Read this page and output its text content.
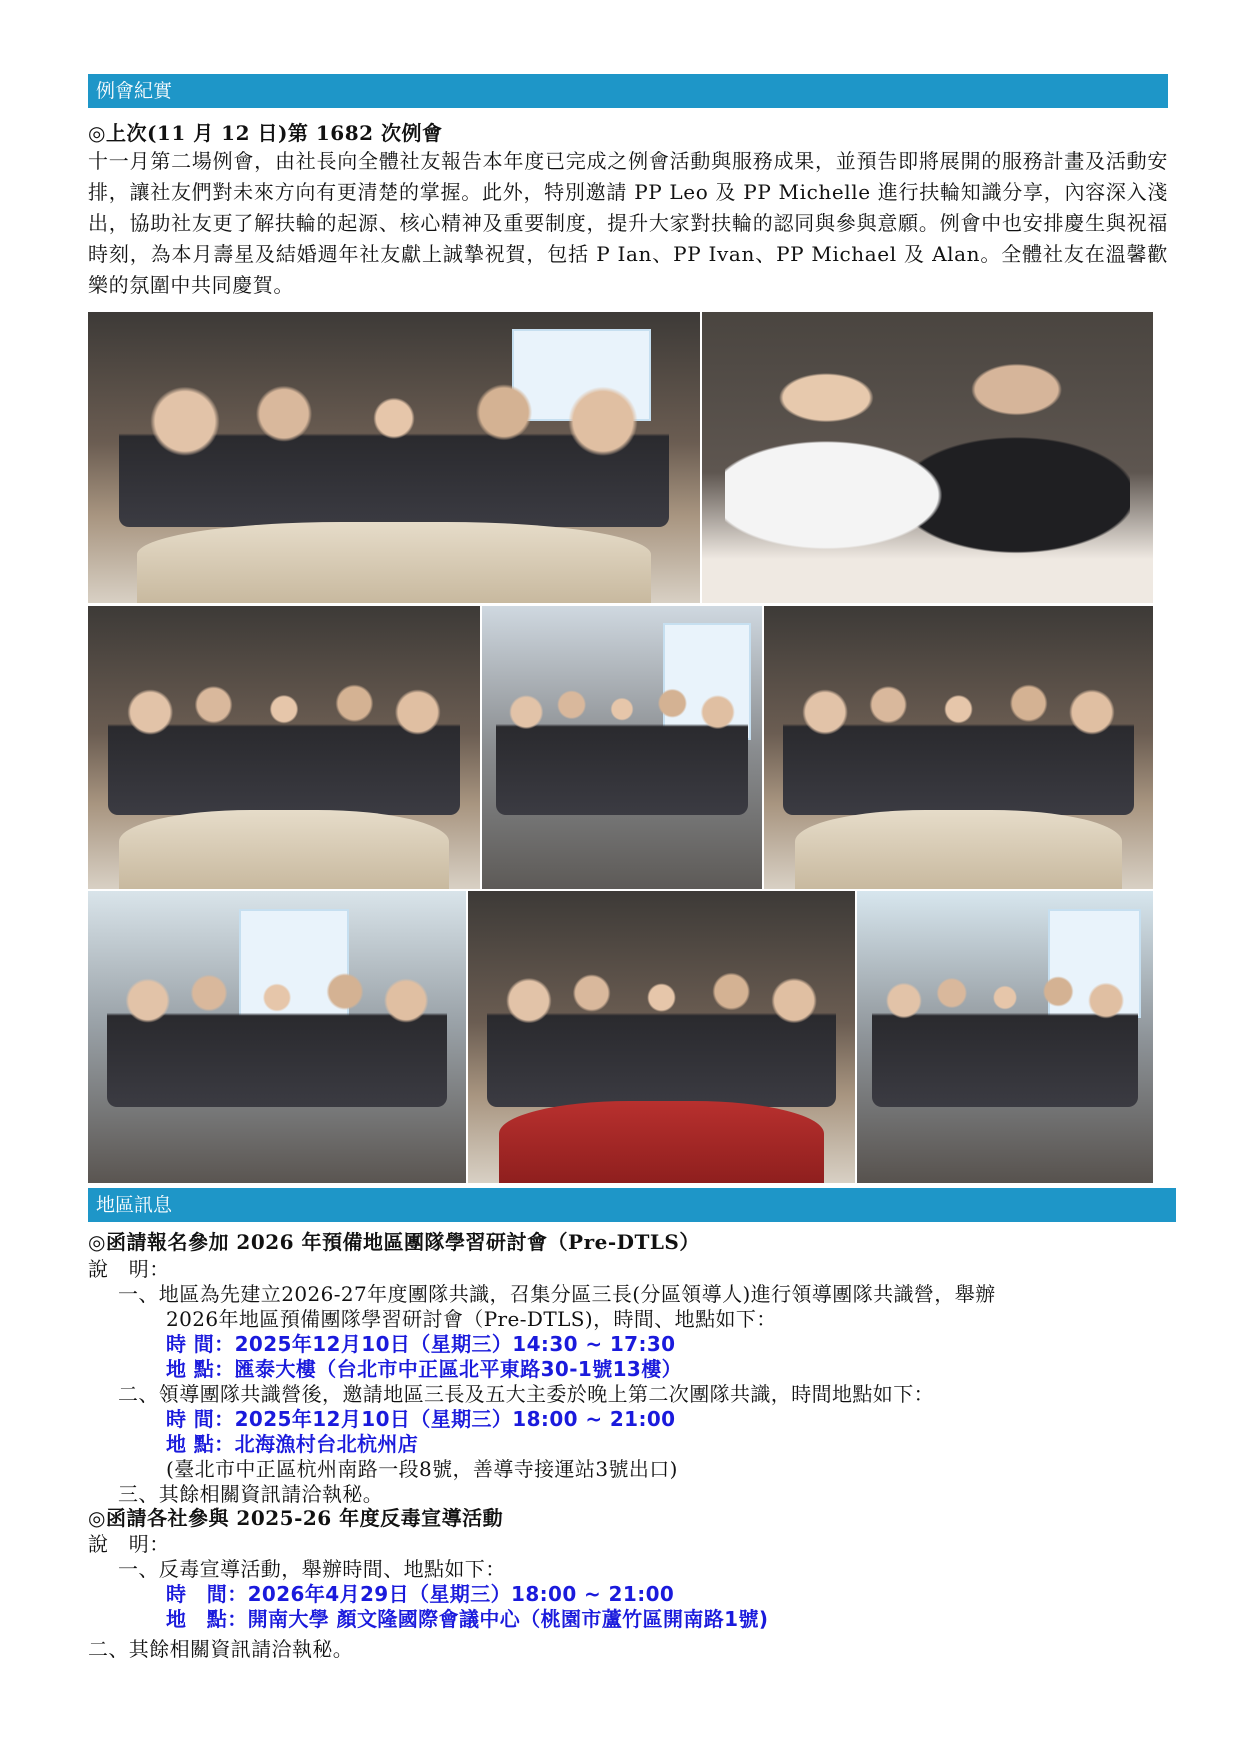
例會紀實
◎上次(11 月 12 日)第 1682 次例會

十一月第二場例會，由社長向全體社友報告本年度已完成之例會活動與服務成果，並預告即將展開的服務計畫及活動安排，讓社友們對未來方向有更清楚的掌握。此外，特別邀請 PP Leo 及 PP Michelle 進行扶輪知識分享，內容深入淺出，協助社友更了解扶輪的起源、核心精神及重要制度，提升大家對扶輪的認同與參與意願。例會中也安排慶生與祝福時刻，為本月壽星及結婚週年社友獻上誠摯祝賀，包括 P Ian、PP Ivan、PP Michael 及 Alan。全體社友在溫馨歡樂的氛圍中共同慶賀。

地區訊息
◎函請報名參加 2026 年預備地區團隊學習研討會（Pre-DTLS）
說　明：
一、地區為先建立2026-27年度團隊共識，召集分區三長(分區領導人)進行領導團隊共識營，舉辦
2026年地區預備團隊學習研討會（Pre-DTLS)，時間、地點如下：
時 間：2025年12月10日（星期三）14:30 ~ 17:30
地 點：匯泰大樓（台北市中正區北平東路30-1號13樓）
二、領導團隊共識營後，邀請地區三長及五大主委於晚上第二次團隊共識，時間地點如下：
時 間：2025年12月10日（星期三）18:00 ~ 21:00
地 點：北海漁村台北杭州店
(臺北市中正區杭州南路一段8號，善導寺接運站3號出口)
三、其餘相關資訊請洽執秘。
◎函請各社參與 2025-26 年度反毒宣導活動
說　明：
一、反毒宣導活動，舉辦時間、地點如下：
時　間：2026年4月29日（星期三）18:00 ~ 21:00
地　點：開南大學 顏文隆國際會議中心（桃園市蘆竹區開南路1號)
二、其餘相關資訊請洽執秘。
